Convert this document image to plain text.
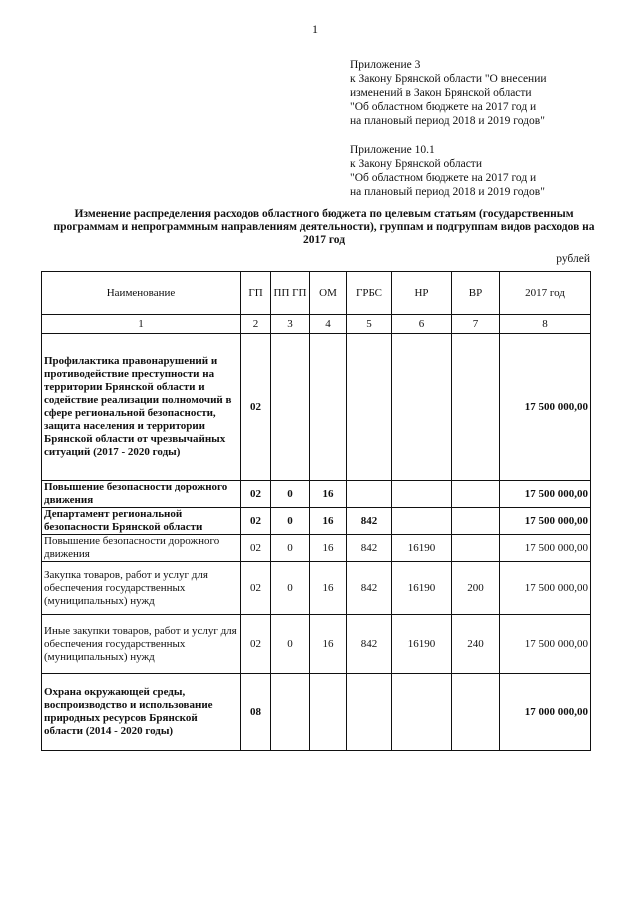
1
Приложение 3
к Закону Брянской области "О внесении
изменений в Закон Брянской области
"Об областном бюджете на 2017 год и
на плановый период 2018 и 2019 годов"
Приложение 10.1
к Закону Брянской области
"Об областном бюджете на 2017 год и
на плановый период 2018 и 2019 годов"
Изменение распределения расходов областного бюджета по целевым статьям (государственным программам и непрограммным направлениям деятельности), группам и подгруппам видов расходов на 2017 год
рублей
Наименование	ГП	ПП ГП	ОМ	ГРБС	НР	ВР	2017 год
1	2	3	4	5	6	7	8
Профилактика правонарушений и противодействие преступности на территории Брянской области и содействие реализации полномочий в сфере региональной безопасности, защита населения и территории Брянской области от чрезвычайных ситуаций (2017 - 2020 годы)	02						17 500 000,00
Повышение безопасности дорожного движения	02	0	16				17 500 000,00
Департамент региональной безопасности Брянской области	02	0	16	842			17 500 000,00
Повышение безопасности дорожного движения	02	0	16	842	16190		17 500 000,00
Закупка товаров, работ и услуг для обеспечения государственных (муниципальных) нужд	02	0	16	842	16190	200	17 500 000,00
Иные закупки товаров, работ и услуг для обеспечения государственных (муниципальных) нужд	02	0	16	842	16190	240	17 500 000,00
Охрана окружающей среды, воспроизводство и использование природных ресурсов Брянской области (2014 - 2020 годы)	08						17 000 000,00
